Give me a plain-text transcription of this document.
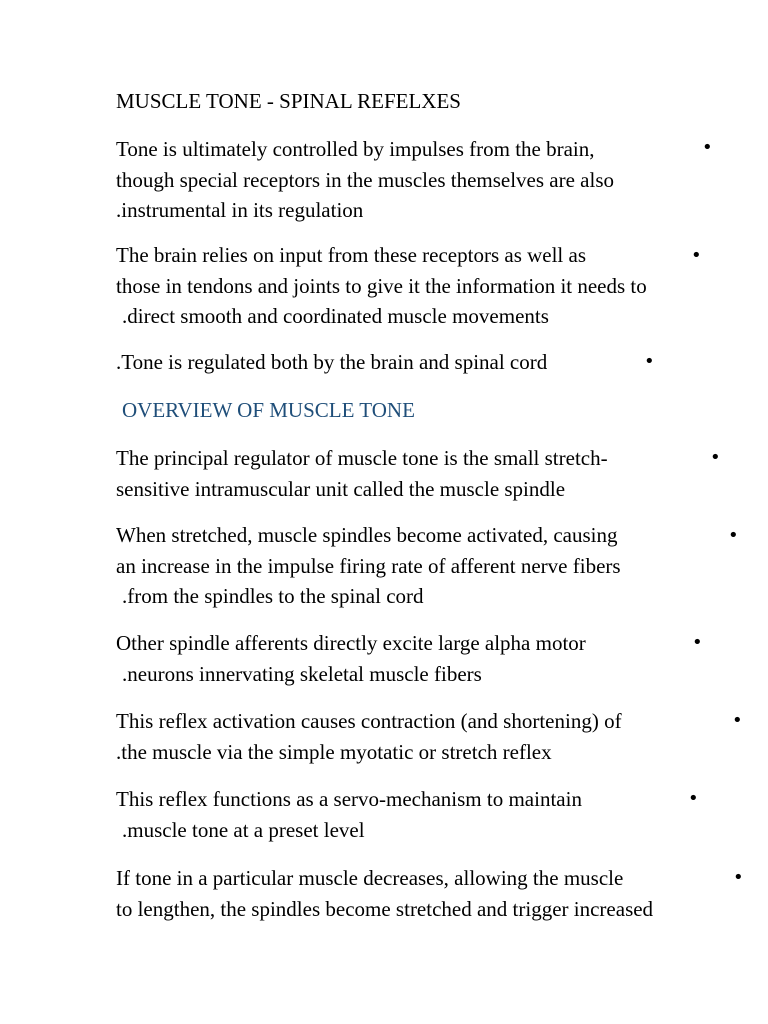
MUSCLE TONE - SPINAL REFELXES
Tone is ultimately controlled by impulses from the brain,
though special receptors in the muscles themselves are also
.instrumental in its regulation
•
The brain relies on input from these receptors as well as
those in tendons and joints to give it the information it needs to
.direct smooth and coordinated muscle movements
•
.Tone is regulated both by the brain and spinal cord	•
OVERVIEW OF MUSCLE TONE
The principal regulator of muscle tone is the small stretch-
sensitive intramuscular unit called the muscle spindle
•
When stretched, muscle spindles become activated, causing
an increase in the impulse firing rate of afferent nerve fibers
.from the spindles to the spinal cord
•
Other spindle afferents directly excite large alpha motor
.neurons innervating skeletal muscle fibers
•
This reflex activation causes contraction (and shortening) of
.the muscle via the simple myotatic or stretch reflex
•
This reflex functions as a servo-mechanism to maintain
.muscle tone at a preset level
•
If tone in a particular muscle decreases, allowing the muscle
to lengthen, the spindles become stretched and trigger increased
•
